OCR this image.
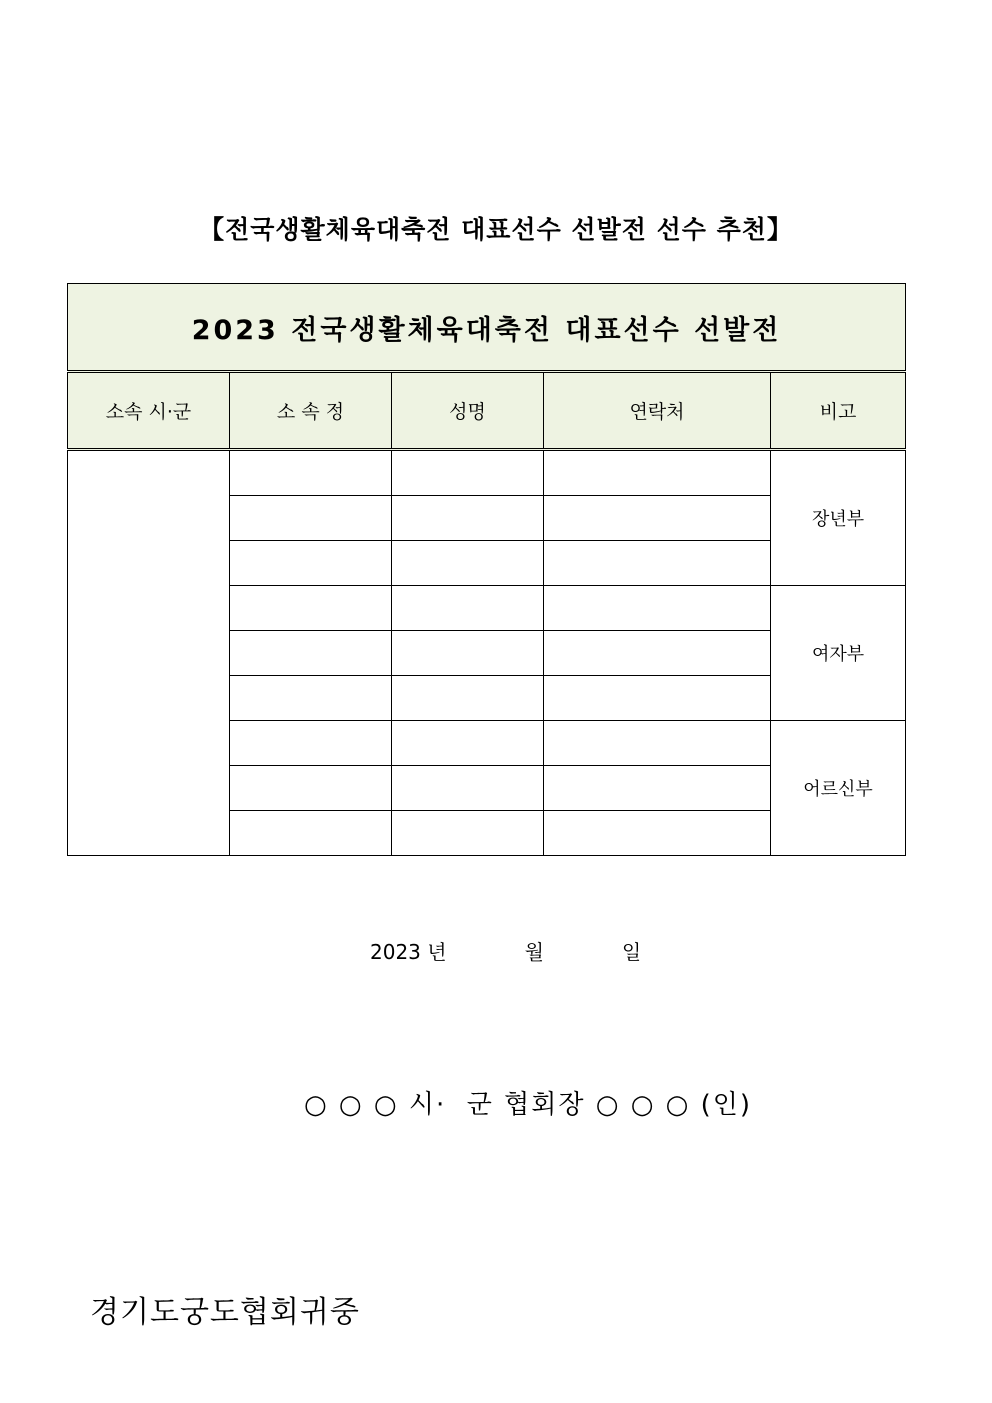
【전국생활체육대축전 대표선수 선발전 선수 추천】
2023 전국생활체육대축전 대표선수 선발전				
소속 시·군	소 속 정	성명	연락처	비고
				장년부

				여자부

				어르신부

2023 년	월	일
○ ○ ○ 시·  군 협회장 ○ ○ ○ (인)
경기도궁도협회귀중
